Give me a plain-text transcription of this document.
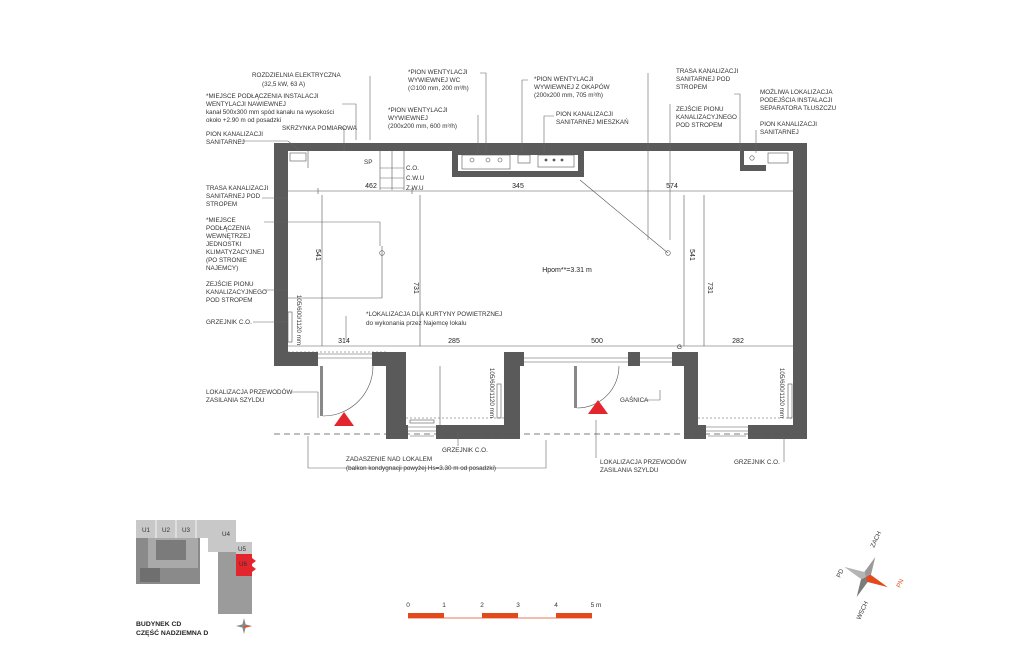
462	345	574
541
731
541
731
314	285	500	282
105/600/1120 mm
105/600/1120 mm	105/600/1120 mm
Hpom**=3.31 m
C.O.
C.W.U
Z.W.U
SP
G
ROZDZIELNIA ELEKTRYCZNA
(32,5 kW, 63 A)
*MIEJSCE PODŁĄCZENIA INSTALACJI
WENTYLACJI NAWIEWNEJ
kanał 500x300 mm spód kanału na wysokości
około +2.90 m od posadzki
PION KANALIZACJI
SANITARNEJ
SKRZYNKA POMIAROWA
*PION WENTYLACJI
WYWIEWNEJ WC
(∅100 mm, 200 m³/h)
*PION WENTYLACJI
WYWIEWNEJ
(200x200 mm, 600 m³/h)
*PION WENTYLACJI
WYWIEWNEJ Z OKAPÓW
(200x200 mm, 705 m³/h)
PION KANALIZACJI
SANITARNEJ MIESZKAŃ
TRASA KANALIZACJI
SANITARNEJ POD
STROPEM
ZEJŚCIE PIONU
KANALIZACYJNEGO
POD STROPEM
MOŻLIWA LOKALIZACJA
PODEJŚCIA INSTALACJI
SEPARATORA TŁUSZCZU
PION KANALIZACJI
SANITARNEJ
TRASA KANALIZACJI
SANITARNEJ POD
STROPEM
*MIEJSCE
PODŁĄCZENIA
WEWNĘTRZEJ
JEDNOSTKI
KLIMATYZACYJNEJ
(PO STRONIE
NAJEMCY)
ZEJŚCIE PIONU
KANALIZACYJNEGO
POD STROPEM
GRZEJNIK C.O.
*LOKALIZACJA DLA KURTYNY POWIETRZNEJ
do wykonania przez Najemcę lokalu
LOKALIZACJA PRZEWODÓW
ZASILANIA SZYLDU	GAŚNICA
GRZEJNIK C.O.
ZADASZENIE NAD LOKALEM
(balkon kondygnacji powyżej Hs=3.30 m od posadzki)
LOKALIZACJA PRZEWODÓW
ZASILANIA SZYLDU
GRZEJNIK C.O.
U1 U2 U3
U4
U5
U6
BUDYNEK CD
CZĘŚĆ NADZIEMNA D
0	1	2	3	4	5 m
ZACH
PD
PN
WSCH
